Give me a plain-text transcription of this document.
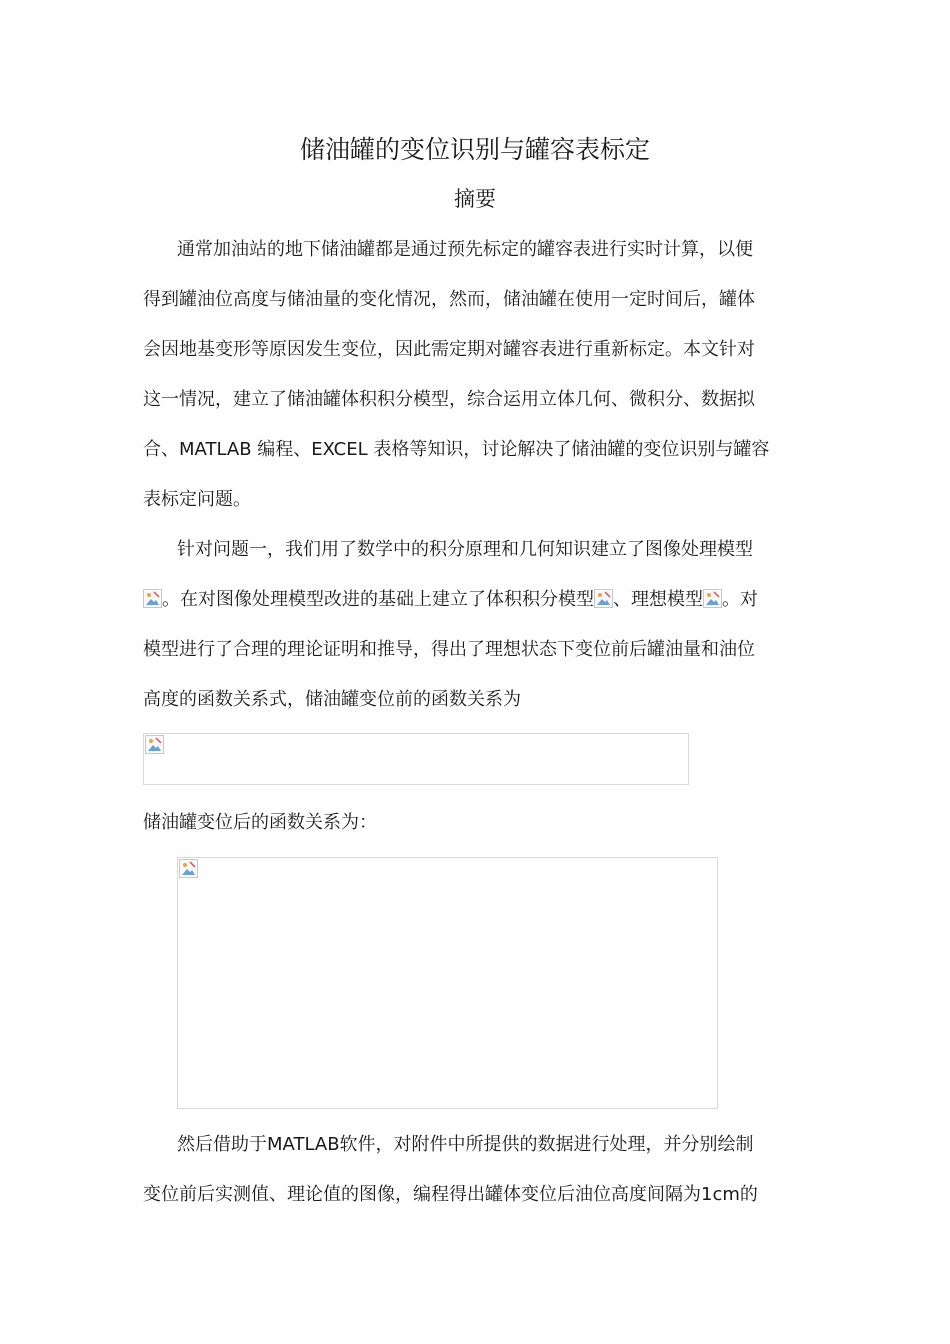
储油罐的变位识别与罐容表标定
摘要

通常加油站的地下储油罐都是通过预先标定的罐容表进行实时计算，以便
得到罐油位高度与储油量的变化情况，然而，储油罐在使用一定时间后，罐体
会因地基变形等原因发生变位，因此需定期对罐容表进行重新标定。本文针对
这一情况，建立了储油罐体积积分模型，综合运用立体几何、微积分、数据拟
合、MATLAB 编程、EXCEL 表格等知识，讨论解决了储油罐的变位识别与罐容
表标定问题。

针对问题一，我们用了数学中的积分原理和几何知识建立了图像处理模型
。在对图像处理模型改进的基础上建立了体积积分模型 、理想模型 。对
模型进行了合理的理论证明和推导，得出了理想状态下变位前后罐油量和油位
高度的函数关系式，储油罐变位前的函数关系为

储油罐变位后的函数关系为：
然后借助于MATLAB软件，对附件中所提供的数据进行处理，并分别绘制
变位前后实测值、理论值的图像，编程得出罐体变位后油位高度间隔为1cm的
